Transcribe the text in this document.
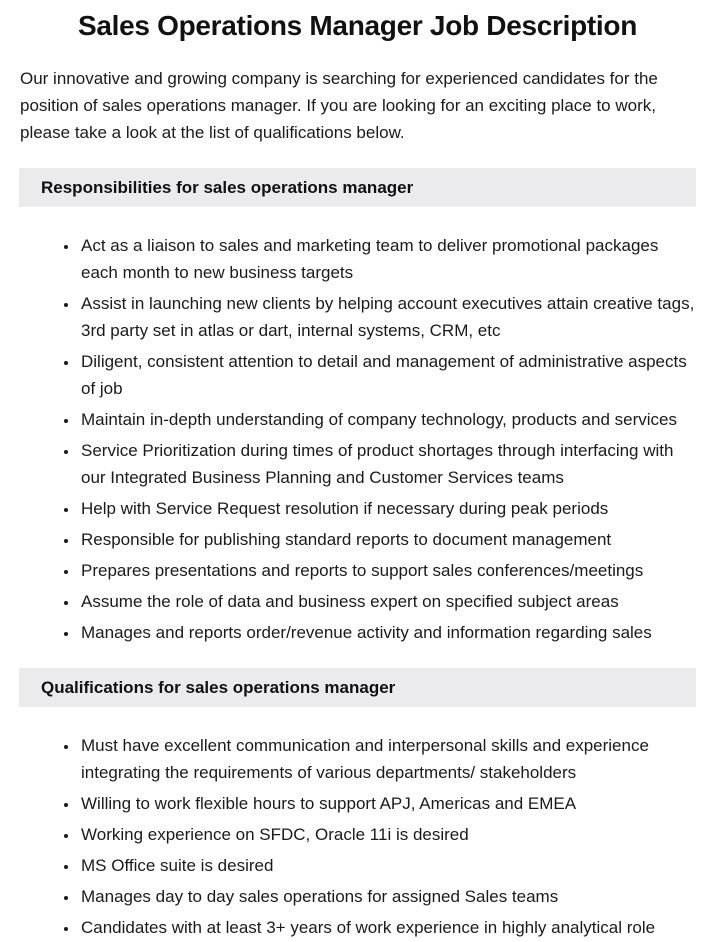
Sales Operations Manager Job Description

Our innovative and growing company is searching for experienced candidates for the position of sales operations manager. If you are looking for an exciting place to work, please take a look at the list of qualifications below.

Responsibilities for sales operations manager
• Act as a liaison to sales and marketing team to deliver promotional packages each month to new business targets
• Assist in launching new clients by helping account executives attain creative tags, 3rd party set in atlas or dart, internal systems, CRM, etc
• Diligent, consistent attention to detail and management of administrative aspects of job
• Maintain in-depth understanding of company technology, products and services
• Service Prioritization during times of product shortages through interfacing with our Integrated Business Planning and Customer Services teams
• Help with Service Request resolution if necessary during peak periods
• Responsible for publishing standard reports to document management
• Prepares presentations and reports to support sales conferences/meetings
• Assume the role of data and business expert on specified subject areas
• Manages and reports order/revenue activity and information regarding sales
Qualifications for sales operations manager
• Must have excellent communication and interpersonal skills and experience integrating the requirements of various departments/ stakeholders
• Willing to work flexible hours to support APJ, Americas and EMEA
• Working experience on SFDC, Oracle 11i is desired
• MS Office suite is desired
• Manages day to day sales operations for assigned Sales teams
• Candidates with at least 3+ years of work experience in highly analytical role
